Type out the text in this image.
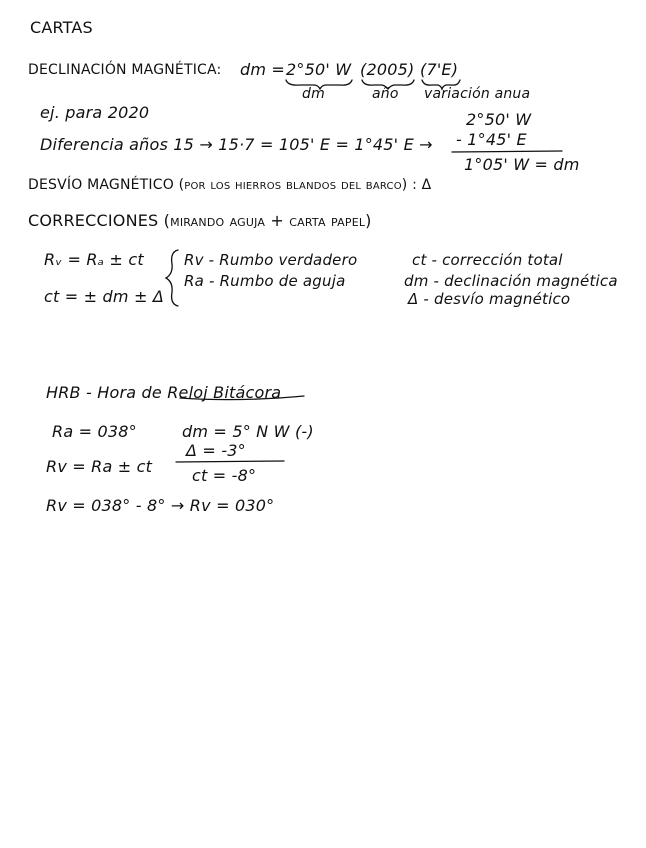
CARTAS
DECLINACIÓN MAGNÉTICA: dm = 2°50' W (2005) (7'E)
dm	año variación anua
ej. para 2020	2°50' W
Diferencia años 15 → 15·7 = 105' E = 1°45' E → - 1°45' E
1°05' W = dm
DESVÍO MAGNÉTICO (por los hierros blandos del barco) : Δ
CORRECCIONES (mirando aguja + carta papel)
Rᵥ = Rₐ ± ct
ct = ± dm ± Δ
Rv - Rumbo verdadero
Ra - Rumbo de aguja
ct - corrección total
dm - declinación magnética
Δ - desvío magnético
HRB - Hora de Reloj Bitácora
Ra = 038°	dm = 5° N W (-)
Δ = -3°
Rv = Ra ± ct ct = -8°
Rv = 038° - 8° → Rv = 030°
